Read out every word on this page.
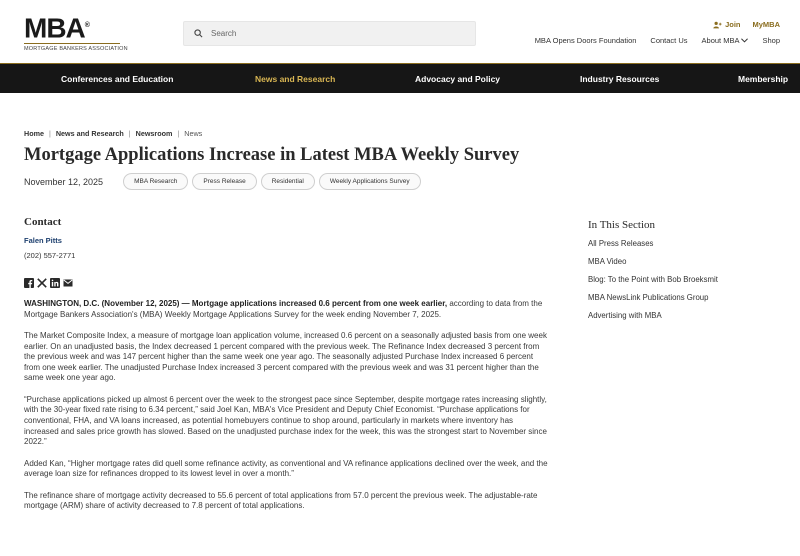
MBA®
MORTGAGE BANKERS ASSOCIATION
Search
Join MyMBA
MBA Opens Doors Foundation Contact Us About MBA	Shop
Conferences and Education	News and Research	Advocacy and Policy	Industry Resources	Membership
Home | News and Research | Newsroom | News
Mortgage Applications Increase in Latest MBA Weekly Survey
November 12, 2025	MBA Research	Press Release	Residential	Weekly Applications Survey
Contact
Falen Pitts
(202) 557-2771

WASHINGTON, D.C. (November 12, 2025) — Mortgage applications increased 0.6 percent from one week earlier, according to data from the Mortgage Bankers Association's (MBA) Weekly Mortgage Applications Survey for the week ending November 7, 2025.

The Market Composite Index, a measure of mortgage loan application volume, increased 0.6 percent on a seasonally adjusted basis from one week earlier. On an unadjusted basis, the Index decreased 1 percent compared with the previous week. The Refinance Index decreased 3 percent from the previous week and was 147 percent higher than the same week one year ago. The seasonally adjusted Purchase Index increased 6 percent from one week earlier. The unadjusted Purchase Index increased 3 percent compared with the previous week and was 31 percent higher than the same week one year ago.

“Purchase applications picked up almost 6 percent over the week to the strongest pace since September, despite mortgage rates increasing slightly, with the 30-year fixed rate rising to 6.34 percent,” said Joel Kan, MBA's Vice President and Deputy Chief Economist. “Purchase applications for conventional, FHA, and VA loans increased, as potential homebuyers continue to shop around, particularly in markets where inventory has increased and sales price growth has slowed. Based on the unadjusted purchase index for the week, this was the strongest start to November since 2022.”

Added Kan, “Higher mortgage rates did quell some refinance activity, as conventional and VA refinance applications declined over the week, and the average loan size for refinances dropped to its lowest level in over a month.”

The refinance share of mortgage activity decreased to 55.6 percent of total applications from 57.0 percent the previous week. The adjustable-rate mortgage (ARM) share of activity decreased to 7.8 percent of total applications.

In This Section
All Press Releases
MBA Video
Blog: To the Point with Bob Broeksmit
MBA NewsLink Publications Group
Advertising with MBA
